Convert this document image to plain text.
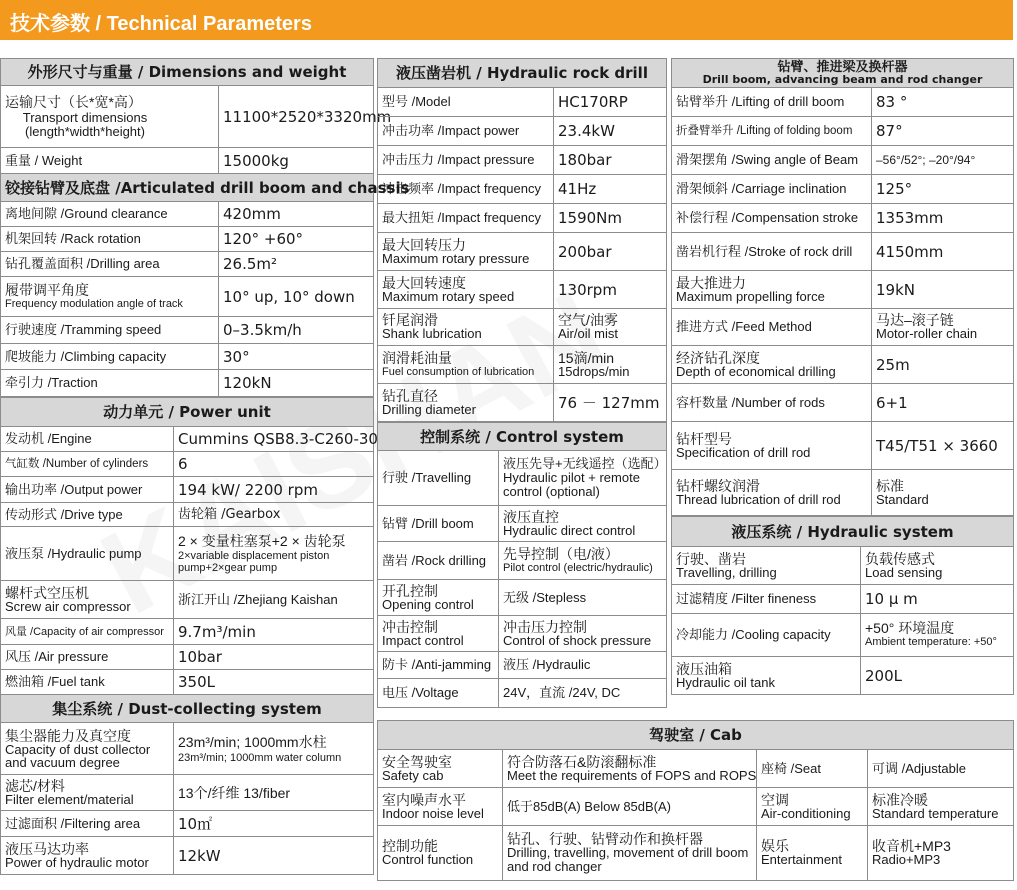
技术参数 / Technical Parameters
外形尺寸与重量 / Dimensions and weight	

运输尺寸（长*宽*高）
Transport dimensions
(length*width*height)	11100*2520*3320mm
重量 / Weight	15000kg
铰接钻臂及底盘 /Articulated drill boom and chassis	
离地间隙 /Ground clearance	420mm
机架回转 /Rack rotation	120° +60°
钻孔覆盖面积 /Drilling area	26.5m²

履带调平角度
Frequency modulation angle of track	10° up, 10° down
行驶速度 /Tramming speed	0–3.5km/h
爬坡能力 /Climbing capacity	30°
牵引力 /Traction	120kN
动力单元 / Power unit	
发动机 /Engine	Cummins QSB8.3-C260-30
气缸数 /Number of cylinders	6
输出功率 /Output power	194 kW/ 2200 rpm
传动形式 /Drive type	齿轮箱 /Gearbox
液压泵 /Hydraulic pump	2 × 变量柱塞泵+2 × 齿轮泵
2×variable displacement piston
pump+2×gear pump

螺杆式空压机
Screw air compressor	浙江开山 /Zhejiang Kaishan
风量 /Capacity of air compressor	9.7m³/min
风压 /Air pressure	10bar
燃油箱 /Fuel tank	350L
集尘系统 / Dust-collecting system	

集尘器能力及真空度
Capacity of dust collector
and vacuum degree	23m³/min; 1000mm水柱
23m³/min; 1000mm water column

滤芯/材料
Filter element/material	13个/纤维 13/fiber
过滤面积 /Filtering area	10㎡

液压马达功率
Power of hydraulic motor	12kW
液压凿岩机 / Hydraulic rock drill	
型号 /Model	HC170RP
冲击功率 /Impact power	23.4kW
冲击压力 /Impact pressure	180bar
冲击频率 /Impact frequency	41Hz
最大扭矩 /Impact frequency	1590Nm

最大回转压力
Maximum rotary pressure	200bar

最大回转速度
Maximum rotary speed	130rpm

钎尾润滑
Shank lubrication	空气/油雾
Air/oil mist

润滑耗油量
Fuel consumption of lubrication	15滴/min
15drops/min

钻孔直径
Drilling diameter	76 － 127mm
控制系统 / Control system	
行驶 /Travelling	液压先导+无线遥控（选配）
Hydraulic pilot + remote
control (optional)

钻臂 /Drill boom	液压直控
Hydraulic direct control

凿岩 /Rock drilling	先导控制（电/液）
Pilot control (electric/hydraulic)

开孔控制
Opening control	无级 /Stepless

冲击控制
Impact control	冲击压力控制
Control of shock pressure

防卡 /Anti-jamming	液压 /Hydraulic
电压 /Voltage	24V，直流 /24V, DC
钻臂、推进梁及换杆器
Drill boom, advancing beam and rod changer	

钻臂举升 /Lifting of drill boom	83 °
折叠臂举升 /Lifting of folding boom	87°
滑架摆角 /Swing angle of Beam	–56°/52°; –20°/94°
滑架倾斜 /Carriage inclination	125°
补偿行程 /Compensation stroke	1353mm
凿岩机行程 /Stroke of rock drill	4150mm

最大推进力
Maximum propelling force	19kN
推进方式 /Feed Method	马达–滚子链
Motor-roller chain

经济钻孔深度
Depth of economical drilling	25m
容杆数量 /Number of rods	6+1

钻杆型号
Specification of drill rod	T45/T51 × 3660

钻杆螺纹润滑
Thread lubrication of drill rod	标准
Standard
液压系统 / Hydraulic system	

行驶、凿岩
Travelling, drilling	负载传感式
Load sensing

过滤精度 /Filter fineness	10 μ m
冷却能力 /Cooling capacity	+50° 环境温度
Ambient temperature: +50°

液压油箱
Hydraulic oil tank	200L
驾驶室 / Cab			

安全驾驶室
Safety cab	符合防落石&防滚翻标准
Meet the requirements of FOPS and ROPS	座椅 /Seat	可调 /Adjustable

室内噪声水平
Indoor noise level	低于85dB(A) Below 85dB(A)	空调
Air-conditioning	标准冷暖
Standard temperature

控制功能
Control function	钻孔、行驶、钻臂动作和换杆器
Drilling, travelling, movement of drill boom
and rod changer	娱乐
Entertainment	收音机+MP3
Radio+MP3
